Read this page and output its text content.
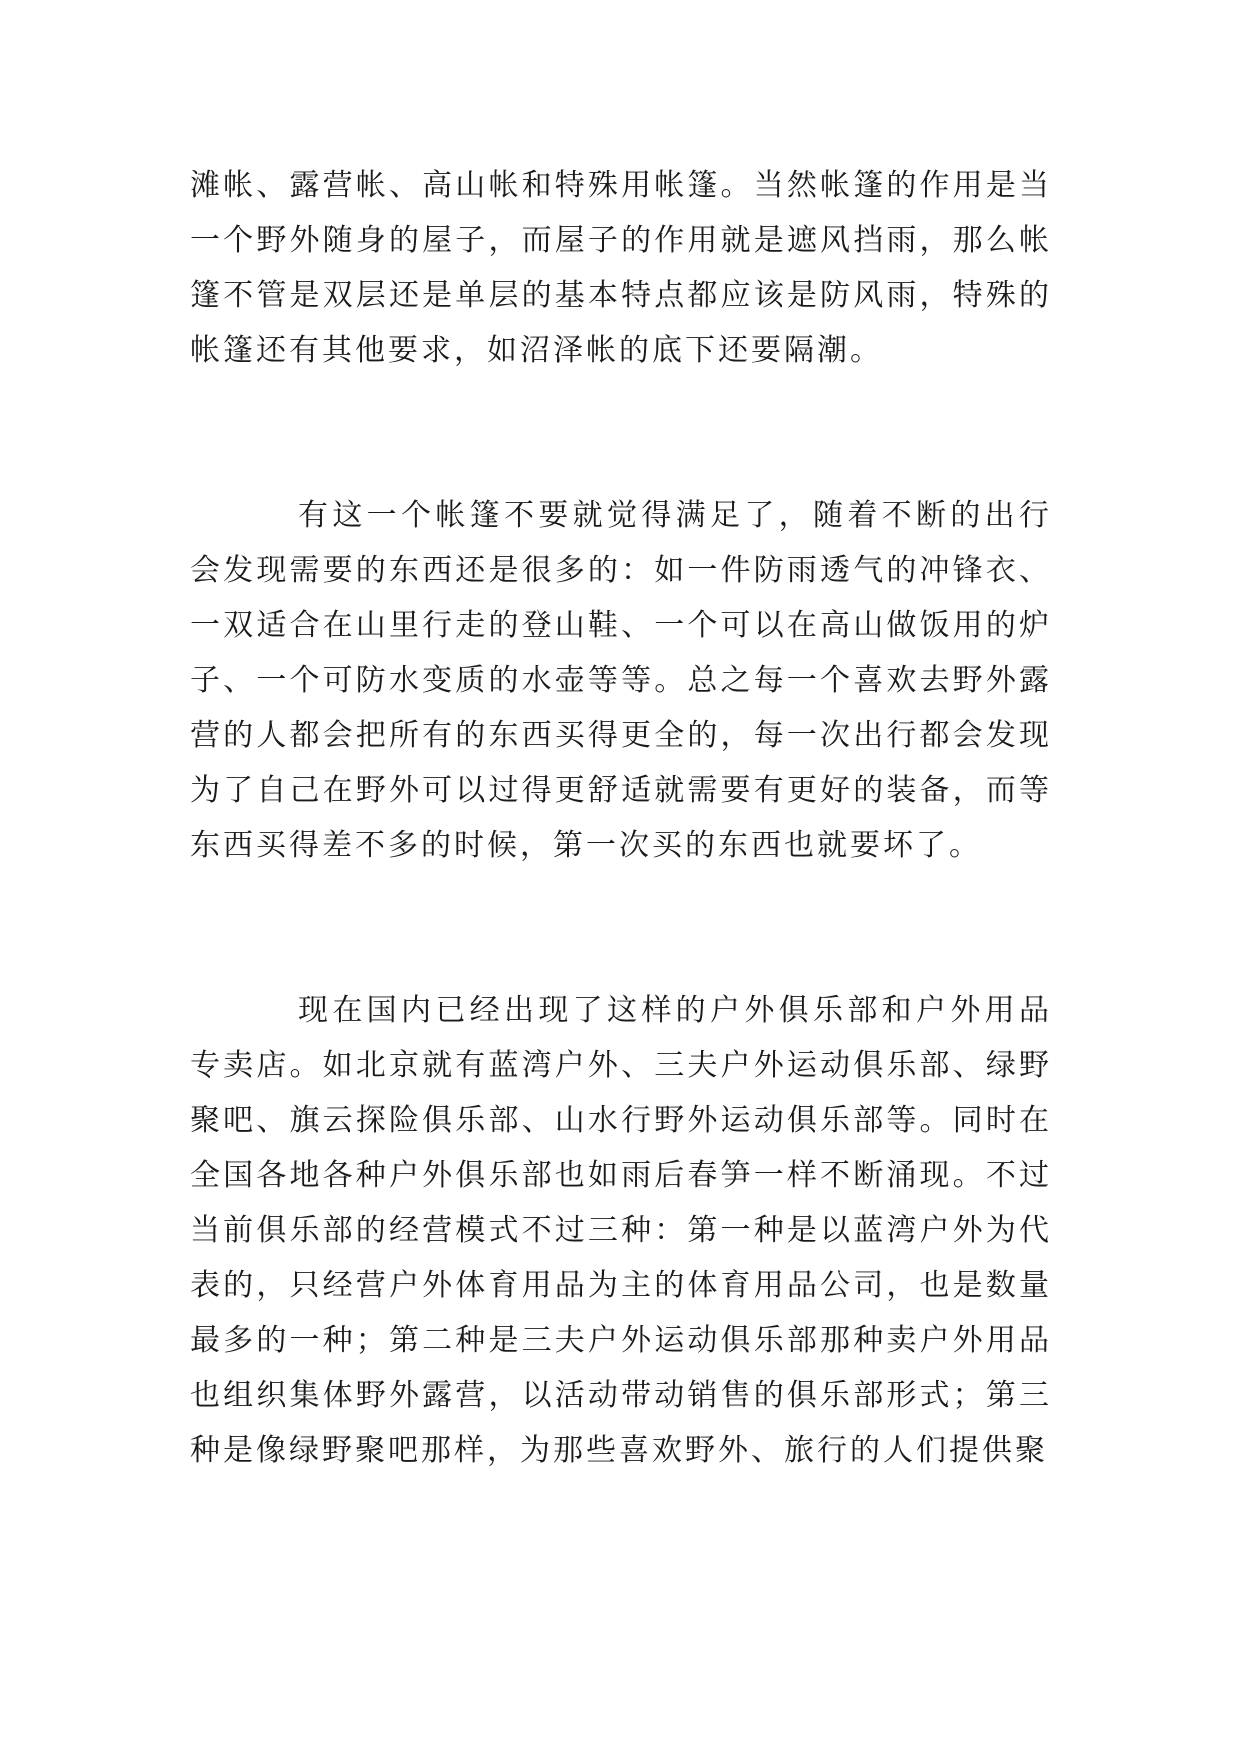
滩帐、露营帐、高山帐和特殊用帐篷。当然帐篷的作用是当一个野外随身的屋子，而屋子的作用就是遮风挡雨，那么帐篷不管是双层还是单层的基本特点都应该是防风雨，特殊的帐篷还有其他要求，如沼泽帐的底下还要隔潮。

有这一个帐篷不要就觉得满足了，随着不断的出行会发现需要的东西还是很多的：如一件防雨透气的冲锋衣、一双适合在山里行走的登山鞋、一个可以在高山做饭用的炉子、一个可防水变质的水壶等等。总之每一个喜欢去野外露营的人都会把所有的东西买得更全的，每一次出行都会发现为了自己在野外可以过得更舒适就需要有更好的装备，而等东西买得差不多的时候，第一次买的东西也就要坏了。

现在国内已经出现了这样的户外俱乐部和户外用品专卖店。如北京就有蓝湾户外、三夫户外运动俱乐部、绿野聚吧、旗云探险俱乐部、山水行野外运动俱乐部等。同时在全国各地各种户外俱乐部也如雨后春笋一样不断涌现。不过当前俱乐部的经营模式不过三种：第一种是以蓝湾户外为代表的，只经营户外体育用品为主的体育用品公司，也是数量最多的一种；第二种是三夫户外运动俱乐部那种卖户外用品也组织集体野外露营，以活动带动销售的俱乐部形式；第三种是像绿野聚吧那样，为那些喜欢野外、旅行的人们提供聚
